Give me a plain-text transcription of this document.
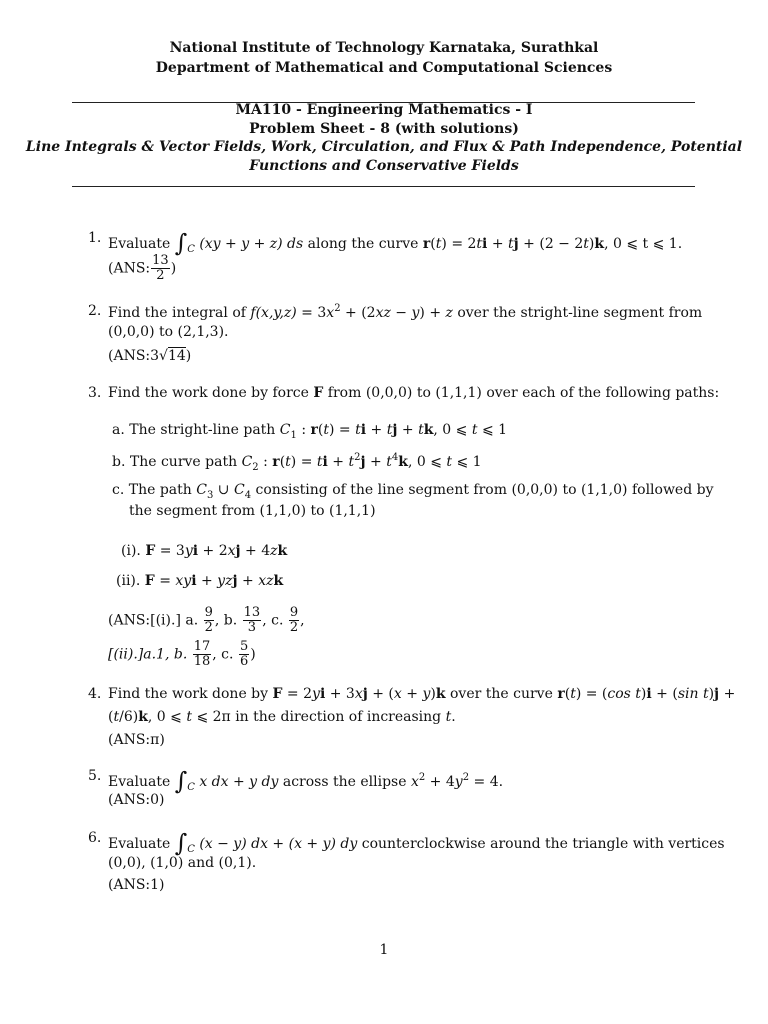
National Institute of Technology Karnataka, Surathkal
Department of Mathematical and Computational Sciences
MA110 - Engineering Mathematics - I
Problem Sheet - 8 (with solutions)
Line Integrals & Vector Fields, Work, Circulation, and Flux & Path Independence, Potential
Functions and Conservative Fields
1. Evaluate $\int_C$ (xy + y + z) ds along the curve r(t) = 2ti + tj + (2 − 2t)k, 0 ⩽ t ⩽ 1.
(ANS: $\frac{13}{2}$ )
2. Find the integral of $f(x,y,z) = 3x^2 + (2xz - y) + z$ over the stright-line segment from
(0,0,0) to (2,1,3).
(ANS:3√14)
3. Find the work done by force F from (0,0,0) to (1,1,1) over each of the following paths:
a. The stright-line path $C_1$ : r(t) = ti + tj + tk, 0 ⩽ t ⩽ 1
b. The curve path $C_2$ : r(t) = ti + $t^2j + t^4k$, 0 ⩽ t ⩽ 1
c. The path $C_3$ ∪ $C_4$ consisting of the line segment from (0,0,0) to (1,1,0) followed by
the segment from (1,1,0) to (1,1,1)
(i). F = 3yi + 2xj + 4zk
(ii). F = xyi + yzj + xzk
(ANS:[(i).] a. $\frac{9}{2}$ , b. $\frac{13}{3}$ , c. $\frac{9}{2}$ ,
[(ii).]a.1, b. $\frac{17}{18}$ , c. $\frac{5}{6}$ )
4. Find the work done by F = 2yi + 3xj + (x + y)k over the curve r(t) = (cos t)i + (sin t)j +
(t/6)k, 0 ⩽ t ⩽ 2π in the direction of increasing t.
(ANS:π)
5. Evaluate $\int_C$ x dx + y dy across the ellipse $x^2 + 4y^2 = 4$.
(ANS:0)
6. Evaluate $\int_C$ (x − y) dx + (x + y) dy counterclockwise around the triangle with vertices
(0,0), (1,0) and (0,1).
(ANS:1)
1
